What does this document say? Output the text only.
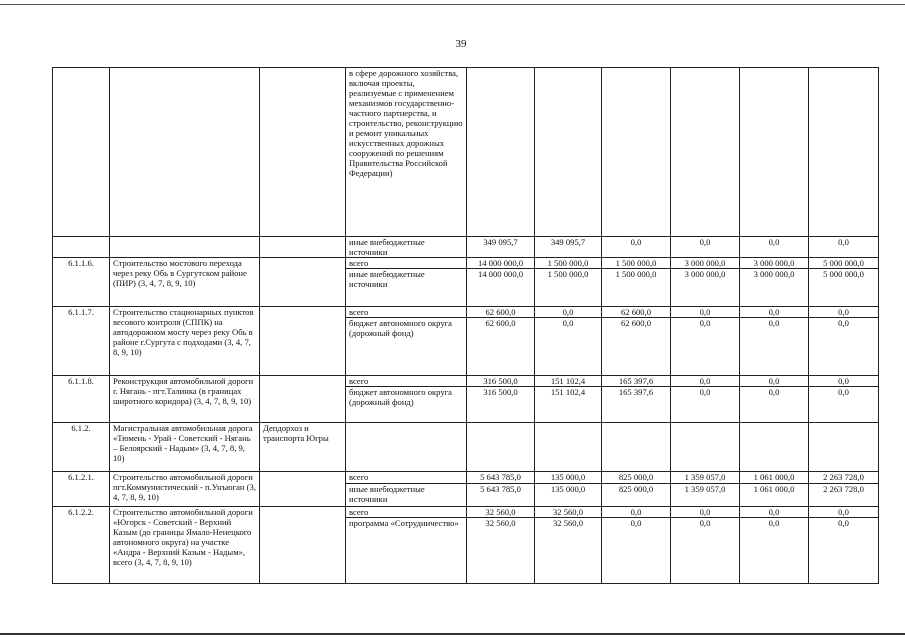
39
			в сфере дорожного хозяйства, включая проекты, реализуемые с применением механизмов государственно-частного партнерства, и строительство, реконструкцию и ремонт уникальных искусственных дорожных сооружений по решениям Правительства Российской Федерации)						
			иные внебюджетные источники	349 095,7	349 095,7	0,0	0,0	0,0	0,0
6.1.1.6.	Строительство мостового перехода через реку Обь в Сургутском районе (ПИР) (3, 4, 7, 8, 9, 10)		всего	14 000 000,0	1 500 000,0	1 500 000,0	3 000 000,0	3 000 000,0	5 000 000,0
			иные внебюджетные источники	14 000 000,0	1 500 000,0	1 500 000,0	3 000 000,0	3 000 000,0	5 000 000,0
6.1.1.7.	Строительство стационарных пунктов весового контроля (СППК) на автодорожном мосту через реку Обь в районе г.Сургута с подходами (3, 4, 7, 8, 9, 10)		всего	62 600,0	0,0	62 600,0	0,0	0,0	0,0
			бюджет автономного округа (дорожный фонд)	62 600,0	0,0	62 600,0	0,0	0,0	0,0
6.1.1.8.	Реконструкция автомобильной дороги г. Нягань - пгт.Талинка (в границах широтного коридора) (3, 4, 7, 8, 9, 10)		всего	316 500,0	151 102,4	165 397,6	0,0	0,0	0,0
			бюджет автономного округа (дорожный фонд)	316 500,0	151 102,4	165 397,6	0,0	0,0	0,0
6.1.2.	Магистральная автомобильная дорога «Тюмень - Урай - Советский - Нягань – Белоярский - Надым» (3, 4, 7, 8, 9, 10)	Депдорхоз и транспорта Югры							
6.1.2.1.	Строительство автомобильной дороги пгт.Коммунистический - п.Унъюган (3, 4, 7, 8, 9, 10)		всего	5 643 785,0	135 000,0	825 000,0	1 359 057,0	1 061 000,0	2 263 728,0
			иные внебюджетные источники	5 643 785,0	135 000,0	825 000,0	1 359 057,0	1 061 000,0	2 263 728,0
6.1.2.2.	Строительство автомобильной дороги «Югорск - Советский - Верхний Казым (до границы Ямало-Ненецкого автономного округа) на участке «Андра - Верхний Казым - Надым», всего (3, 4, 7, 8, 9, 10)		всего	32 560,0	32 560,0	0,0	0,0	0,0	0,0
			программа «Сотрудничество»	32 560,0	32 560,0	0,0	0,0	0,0	0,0
